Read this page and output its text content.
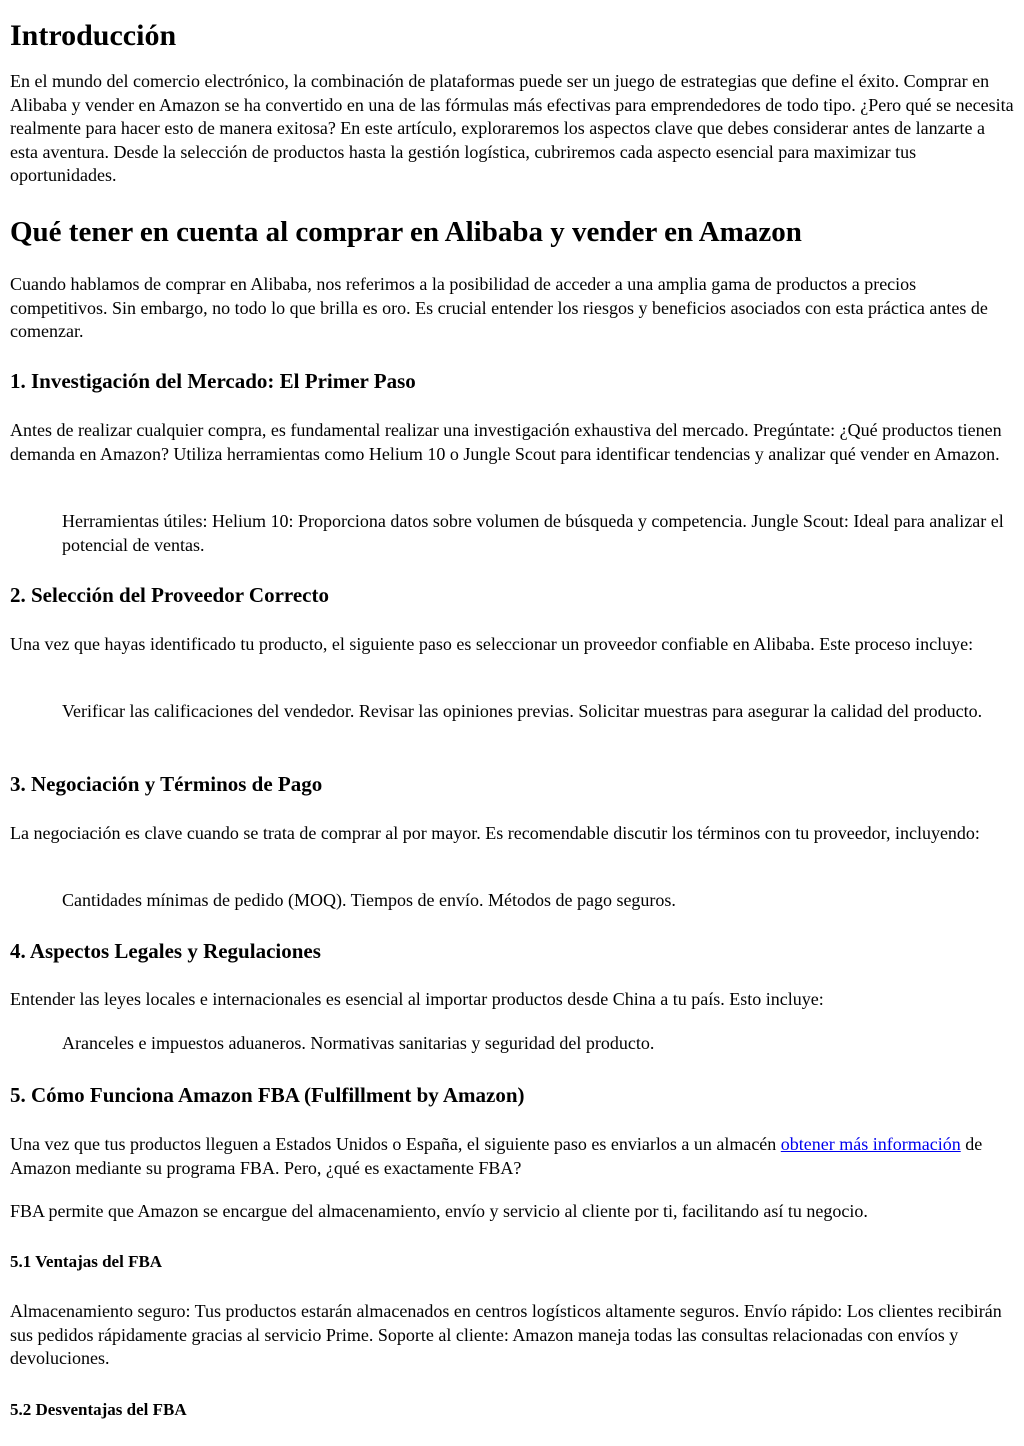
Introducción

En el mundo del comercio electrónico, la combinación de plataformas puede ser un juego de estrategias que define el éxito. Comprar en Alibaba y vender en Amazon se ha convertido en una de las fórmulas más efectivas para emprendedores de todo tipo. ¿Pero qué se necesita realmente para hacer esto de manera exitosa? En este artículo, exploraremos los aspectos clave que debes considerar antes de lanzarte a esta aventura. Desde la selección de productos hasta la gestión logística, cubriremos cada aspecto esencial para maximizar tus oportunidades.

Qué tener en cuenta al comprar en Alibaba y vender en Amazon

Cuando hablamos de comprar en Alibaba, nos referimos a la posibilidad de acceder a una amplia gama de productos a precios competitivos. Sin embargo, no todo lo que brilla es oro. Es crucial entender los riesgos y beneficios asociados con esta práctica antes de comenzar.

1. Investigación del Mercado: El Primer Paso

Antes de realizar cualquier compra, es fundamental realizar una investigación exhaustiva del mercado. Pregúntate: ¿Qué productos tienen demanda en Amazon? Utiliza herramientas como Helium 10 o Jungle Scout para identificar tendencias y analizar qué vender en Amazon.

Herramientas útiles: Helium 10: Proporciona datos sobre volumen de búsqueda y competencia. Jungle Scout: Ideal para analizar el potencial de ventas.

2. Selección del Proveedor Correcto

Una vez que hayas identificado tu producto, el siguiente paso es seleccionar un proveedor confiable en Alibaba. Este proceso incluye:

Verificar las calificaciones del vendedor. Revisar las opiniones previas. Solicitar muestras para asegurar la calidad del producto.

3. Negociación y Términos de Pago

La negociación es clave cuando se trata de comprar al por mayor. Es recomendable discutir los términos con tu proveedor, incluyendo:

Cantidades mínimas de pedido (MOQ). Tiempos de envío. Métodos de pago seguros.

4. Aspectos Legales y Regulaciones

Entender las leyes locales e internacionales es esencial al importar productos desde China a tu país. Esto incluye:

Aranceles e impuestos aduaneros. Normativas sanitarias y seguridad del producto.

5. Cómo Funciona Amazon FBA (Fulfillment by Amazon)

Una vez que tus productos lleguen a Estados Unidos o España, el siguiente paso es enviarlos a un almacén obtener más información de Amazon mediante su programa FBA. Pero, ¿qué es exactamente FBA?

FBA permite que Amazon se encargue del almacenamiento, envío y servicio al cliente por ti, facilitando así tu negocio.

5.1 Ventajas del FBA

Almacenamiento seguro: Tus productos estarán almacenados en centros logísticos altamente seguros. Envío rápido: Los clientes recibirán sus pedidos rápidamente gracias al servicio Prime. Soporte al cliente: Amazon maneja todas las consultas relacionadas con envíos y devoluciones.

5.2 Desventajas del FBA
